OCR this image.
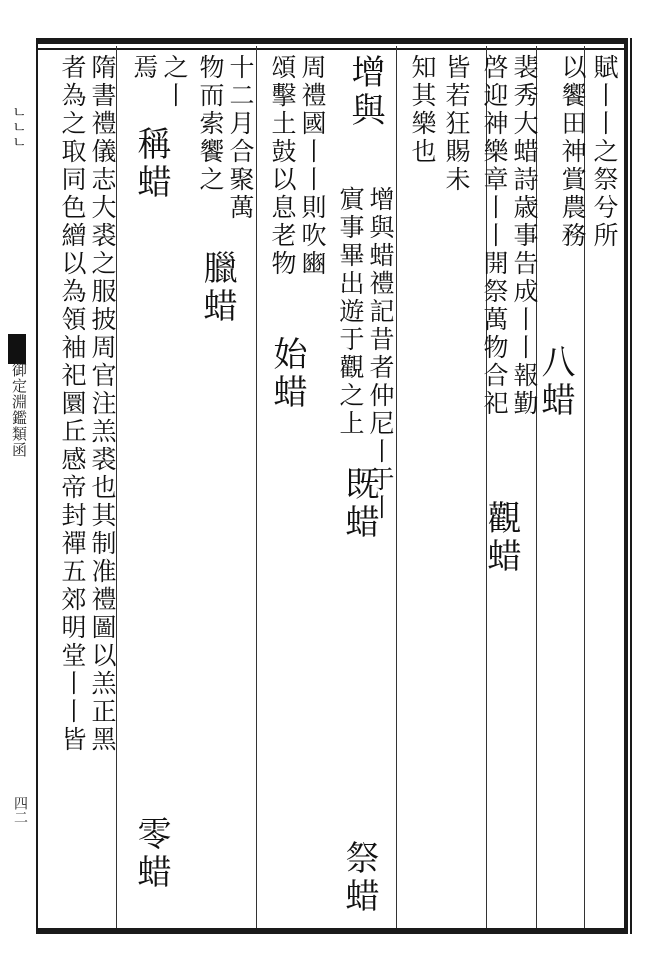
ㄴㄴㄴ
御定淵鑑類函
四二
賦丨丨之祭兮所
以饗田神賞農務
八蜡
裴秀大蜡詩歳事告成丨丨報勤
啓迎神樂章丨丨開祭萬物合祀
觀蜡
皆若狂賜未
知其樂也
增與
增與蜡禮記昔者仲尼丨于丨
賔事畢出遊于觀之上
既蜡
祭蜡
周禮國丨丨則吹豳
頌擊土鼓以息老物
始蜡
十二月合聚萬
物而索饗之
臘蜡
之丨
焉
稱蜡
零蜡
隋書禮儀志大裘之服披周官注羔裘也其制准禮圖以羔正黑
者為之取同色繒以為領袖祀圜丘感帝封禪五郊明堂丨丨皆
